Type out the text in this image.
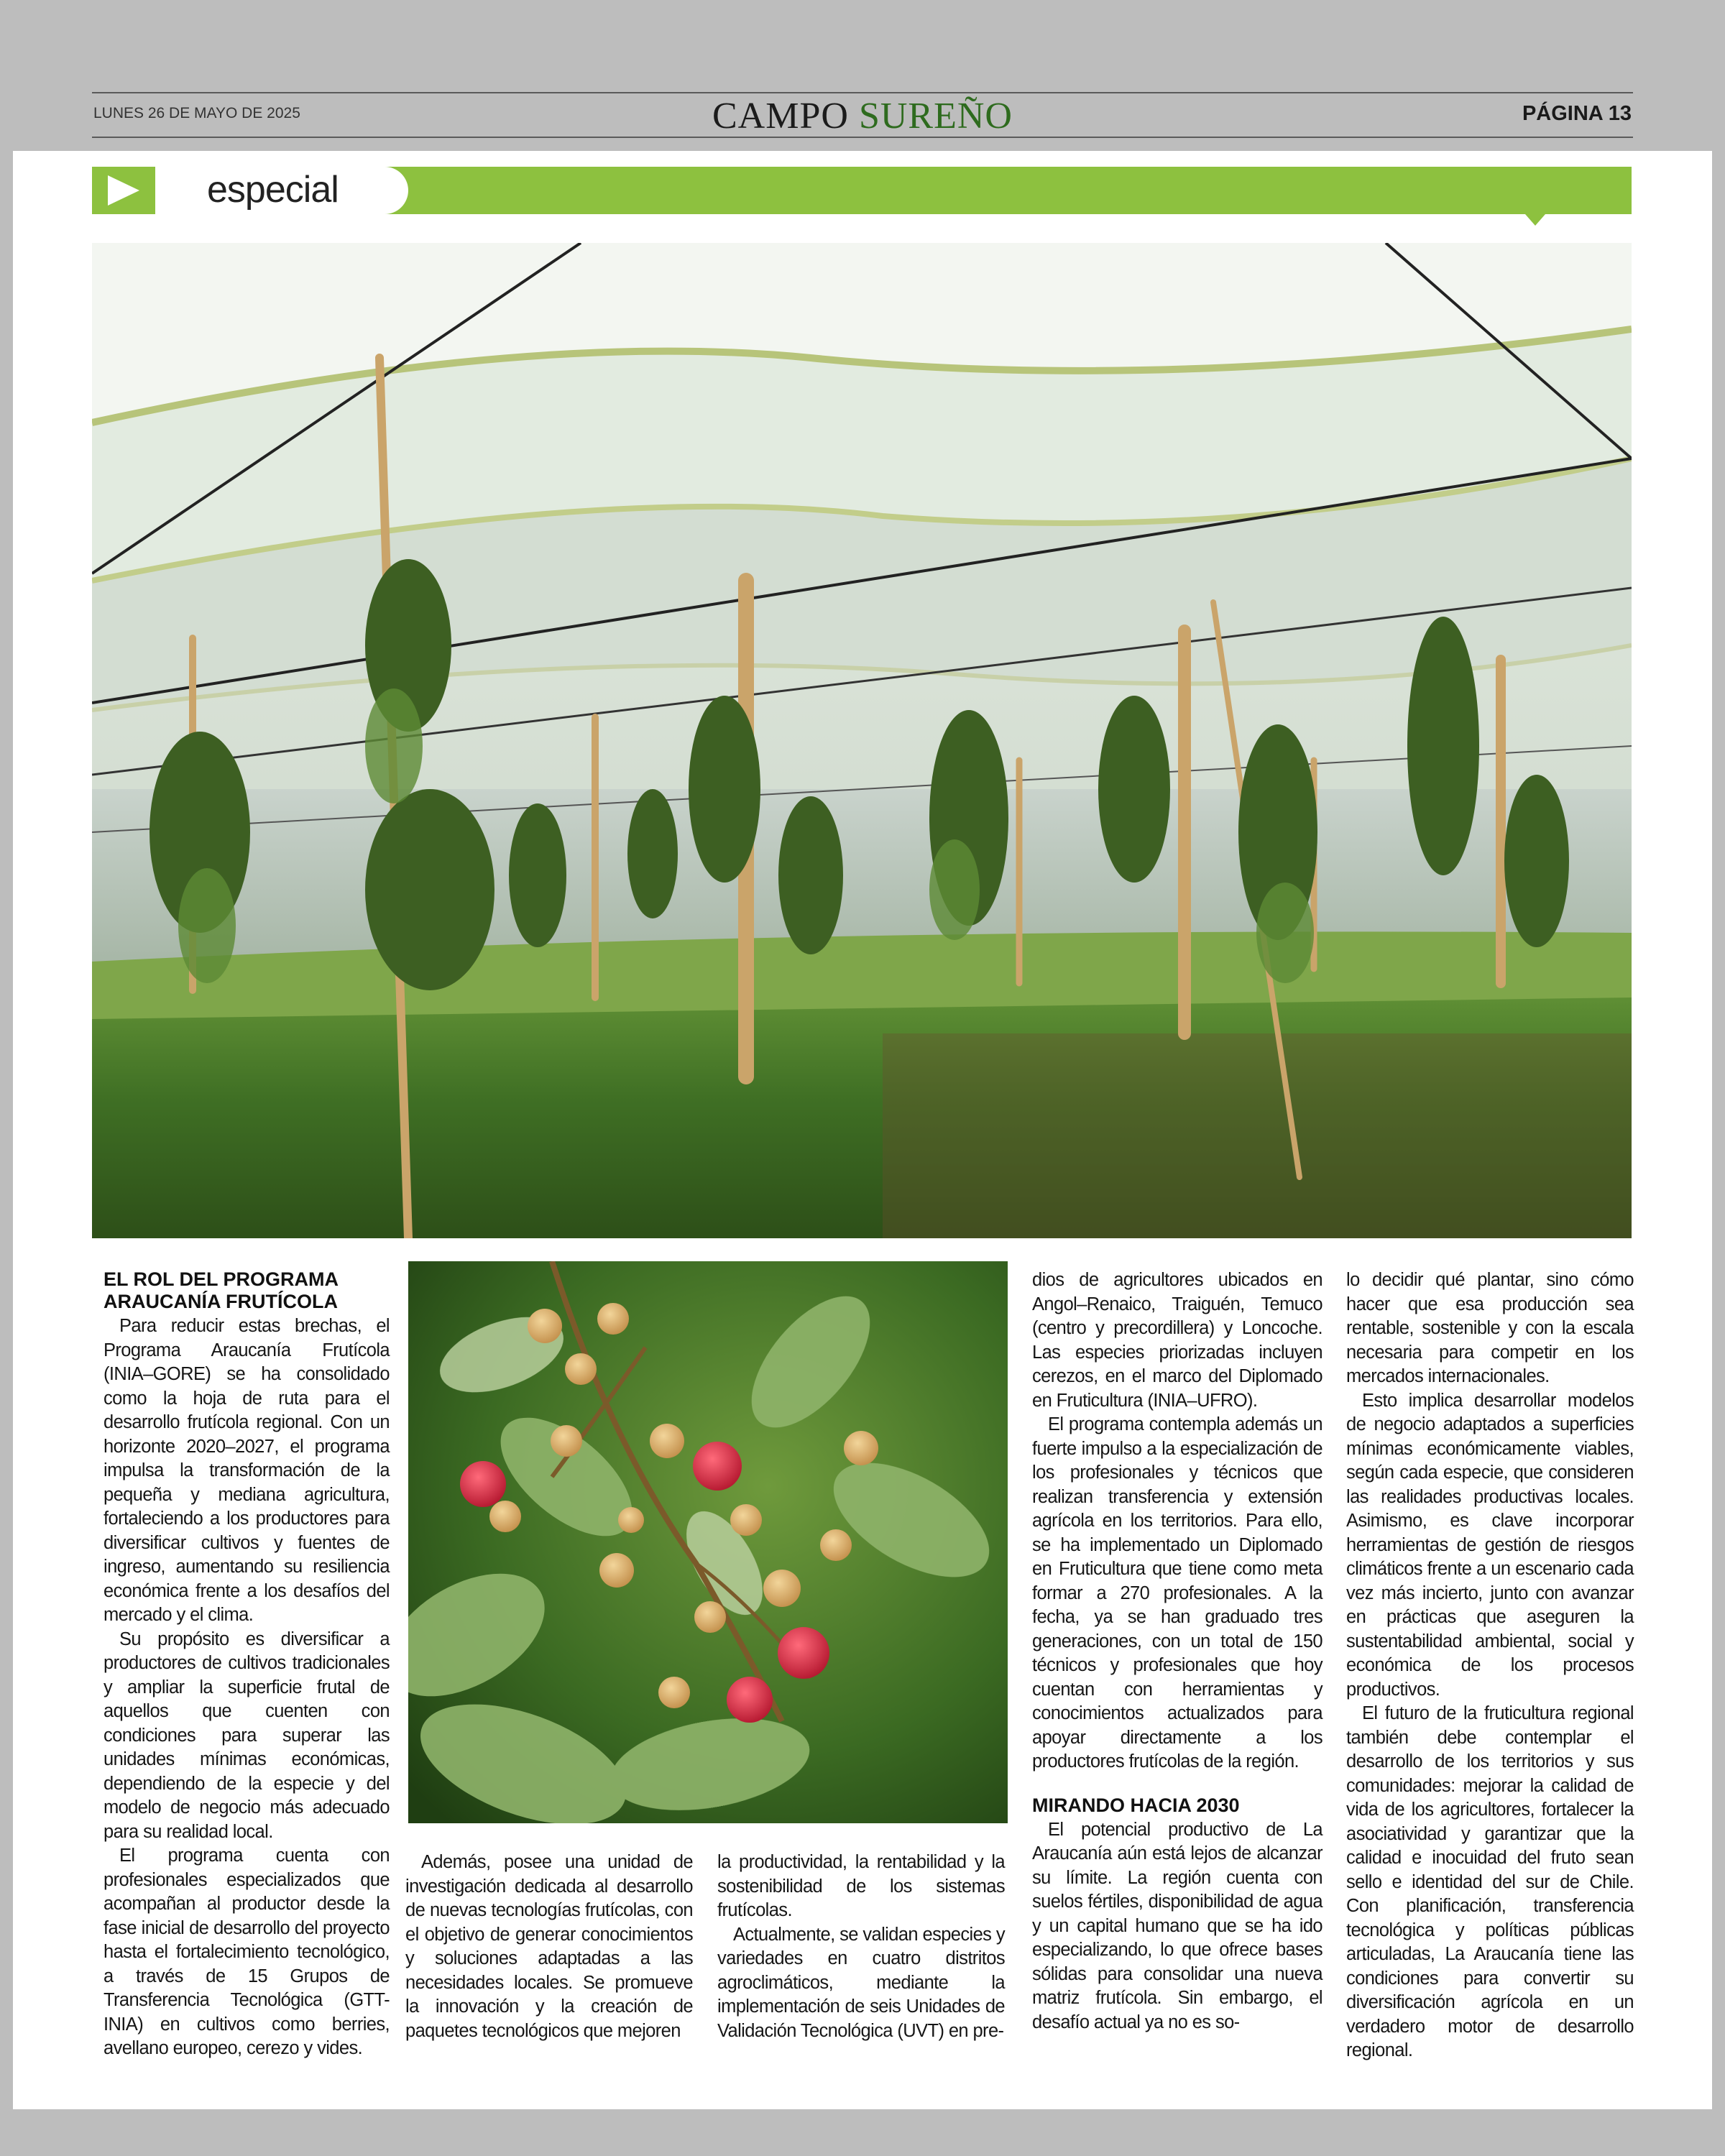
LUNES 26 DE MAYO DE 2025	CAMPO SUREÑO	PÁGINA 13
especial
EL ROL DEL PROGRAMA
ARAUCANÍA FRUTÍCOLA

Para reducir estas brechas, el Programa Araucanía Frutícola (INIA–GORE) se ha consolidado como la hoja de ruta para el desarrollo frutícola regional. Con un horizonte 2020–2027, el programa impulsa la transformación de la pequeña y mediana agricultura, fortaleciendo a los productores para diversificar cultivos y fuentes de ingreso, aumentando su resiliencia económica frente a los desafíos del mercado y el clima.

Su propósito es diversificar a productores de cultivos tradicionales y ampliar la superficie frutal de aquellos que cuenten con condiciones para superar las unidades mínimas económicas, dependiendo de la especie y del modelo de negocio más adecuado para su realidad local.

El programa cuenta con profesionales especializados que acompañan al productor desde la fase inicial de desarrollo del proyecto hasta el fortalecimiento tecnológico, a través de 15 Grupos de Transferencia Tecnológica (GTT-INIA) en cultivos como berries, avellano europeo, cerezo y vides.

Además, posee una unidad de investigación dedicada al desarrollo de nuevas tecnologías frutícolas, con el objetivo de generar conocimientos y soluciones adaptadas a las necesidades locales. Se promueve la innovación y la creación de paquetes tecnológicos que mejoren

la productividad, la rentabilidad y la sostenibilidad de los sistemas frutícolas.

Actualmente, se validan especies y variedades en cuatro distritos agroclimáticos, mediante la implementación de seis Unidades de Validación Tecnológica (UVT) en pre-

dios de agricultores ubicados en Angol–Renaico, Traiguén, Temuco (centro y precordillera) y Loncoche. Las especies priorizadas incluyen cerezos, en el marco del Diplomado en Fruticultura (INIA–UFRO).

El programa contempla además un fuerte impulso a la especialización de los profesionales y técnicos que realizan transferencia y extensión agrícola en los territorios. Para ello, se ha implementado un Diplomado en Fruticultura que tiene como meta formar a 270 profesionales. A la fecha, ya se han graduado tres generaciones, con un total de 150 técnicos y profesionales que hoy cuentan con herramientas y conocimientos actualizados para apoyar directamente a los productores frutícolas de la región.

MIRANDO HACIA 2030

El potencial productivo de La Araucanía aún está lejos de alcanzar su límite. La región cuenta con suelos fértiles, disponibilidad de agua y un capital humano que se ha ido especializando, lo que ofrece bases sólidas para consolidar una nueva matriz frutícola. Sin embargo, el desafío actual ya no es so-

lo decidir qué plantar, sino cómo hacer que esa producción sea rentable, sostenible y con la escala necesaria para competir en los mercados internacionales.

Esto implica desarrollar modelos de negocio adaptados a superficies mínimas económicamente viables, según cada especie, que consideren las realidades productivas locales. Asimismo, es clave incorporar herramientas de gestión de riesgos climáticos frente a un escenario cada vez más incierto, junto con avanzar en prácticas que aseguren la sustentabilidad ambiental, social y económica de los procesos productivos.

El futuro de la fruticultura regional también debe contemplar el desarrollo de los territorios y sus comunidades: mejorar la calidad de vida de los agricultores, fortalecer la asociatividad y garantizar que la calidad e inocuidad del fruto sean sello e identidad del sur de Chile. Con planificación, transferencia tecnológica y políticas públicas articuladas, La Araucanía tiene las condiciones para convertir su diversificación agrícola en un verdadero motor de desarrollo regional.
